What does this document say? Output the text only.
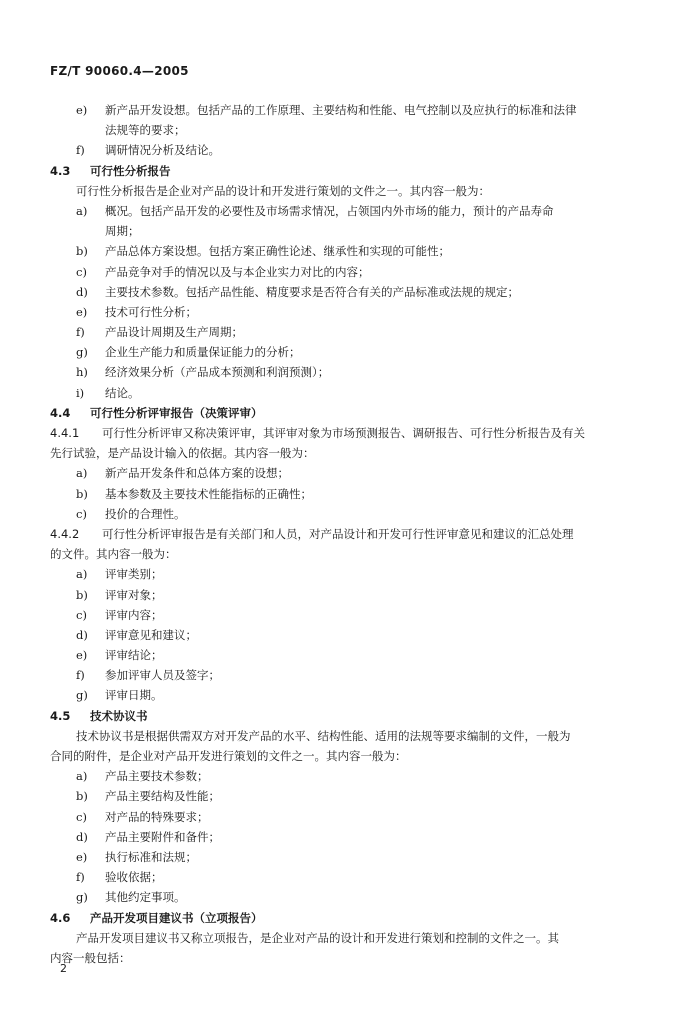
FZ/T 90060.4—2005
e) 新产品开发设想。包括产品的工作原理、主要结构和性能、电气控制以及应执行的标准和法律
法规等的要求；
f) 调研情况分析及结论。
4.3 可行性分析报告
可行性分析报告是企业对产品的设计和开发进行策划的文件之一。其内容一般为：
a) 概况。包括产品开发的必要性及市场需求情况，占领国内外市场的能力，预计的产品寿命
周期；
b) 产品总体方案设想。包括方案正确性论述、继承性和实现的可能性；
c) 产品竞争对手的情况以及与本企业实力对比的内容；
d) 主要技术参数。包括产品性能、精度要求是否符合有关的产品标准或法规的规定；
e) 技术可行性分析；
f) 产品设计周期及生产周期；
g) 企业生产能力和质量保证能力的分析；
h) 经济效果分析（产品成本预测和利润预测）；
i) 结论。
4.4 可行性分析评审报告（决策评审）
4.4.1 可行性分析评审又称决策评审，其评审对象为市场预测报告、调研报告、可行性分析报告及有关
先行试验，是产品设计输入的依据。其内容一般为：
a) 新产品开发条件和总体方案的设想；
b) 基本参数及主要技术性能指标的正确性；
c) 投价的合理性。
4.4.2 可行性分析评审报告是有关部门和人员，对产品设计和开发可行性评审意见和建议的汇总处理
的文件。其内容一般为：
a) 评审类别；
b) 评审对象；
c) 评审内容；
d) 评审意见和建议；
e) 评审结论；
f) 参加评审人员及签字；
g) 评审日期。
4.5 技术协议书
技术协议书是根据供需双方对开发产品的水平、结构性能、适用的法规等要求编制的文件，一般为
合同的附件，是企业对产品开发进行策划的文件之一。其内容一般为：
a) 产品主要技术参数；
b) 产品主要结构及性能；
c) 对产品的特殊要求；
d) 产品主要附件和备件；
e) 执行标准和法规；
f) 验收依据；
g) 其他约定事项。
4.6 产品开发项目建议书（立项报告）
产品开发项目建议书又称立项报告，是企业对产品的设计和开发进行策划和控制的文件之一。其
内容一般包括：
2
